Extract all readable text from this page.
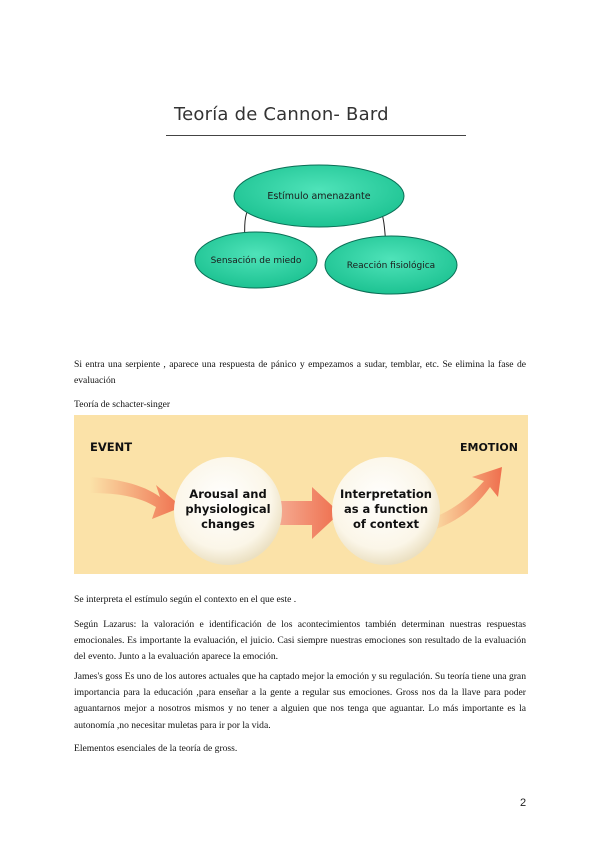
Teoría de Cannon- Bard
Estímulo amenazante
Sensación de miedo	Reacción fisiológica
Si entra una serpiente , aparece una respuesta de pánico y empezamos a sudar, temblar, etc. Se elimina la fase de evaluación
Teoría de schacter-singer
EVENT	EMOTION
Arousal and
physiological
changes
Interpretation
as a function
of context
Se interpreta el estímulo según el contexto en el que este .
Según Lazarus: la valoración e identificación de los acontecimientos también determinan nuestras respuestas emocionales. Es importante la evaluación, el juicio. Casi siempre nuestras emociones son resultado de la evaluación del evento. Junto a la evaluación aparece la emoción.
James's goss Es uno de los autores actuales que ha captado mejor la emoción y su regulación. Su teoría tiene una gran importancia para la educación ,para enseñar a la gente a regular sus emociones. Gross nos da la llave para poder aguantarnos mejor a nosotros mismos y no tener a alguien que nos tenga que aguantar. Lo más importante es la autonomía ,no necesitar muletas para ir por la vida.
Elementos esenciales de la teoría de gross.
2
